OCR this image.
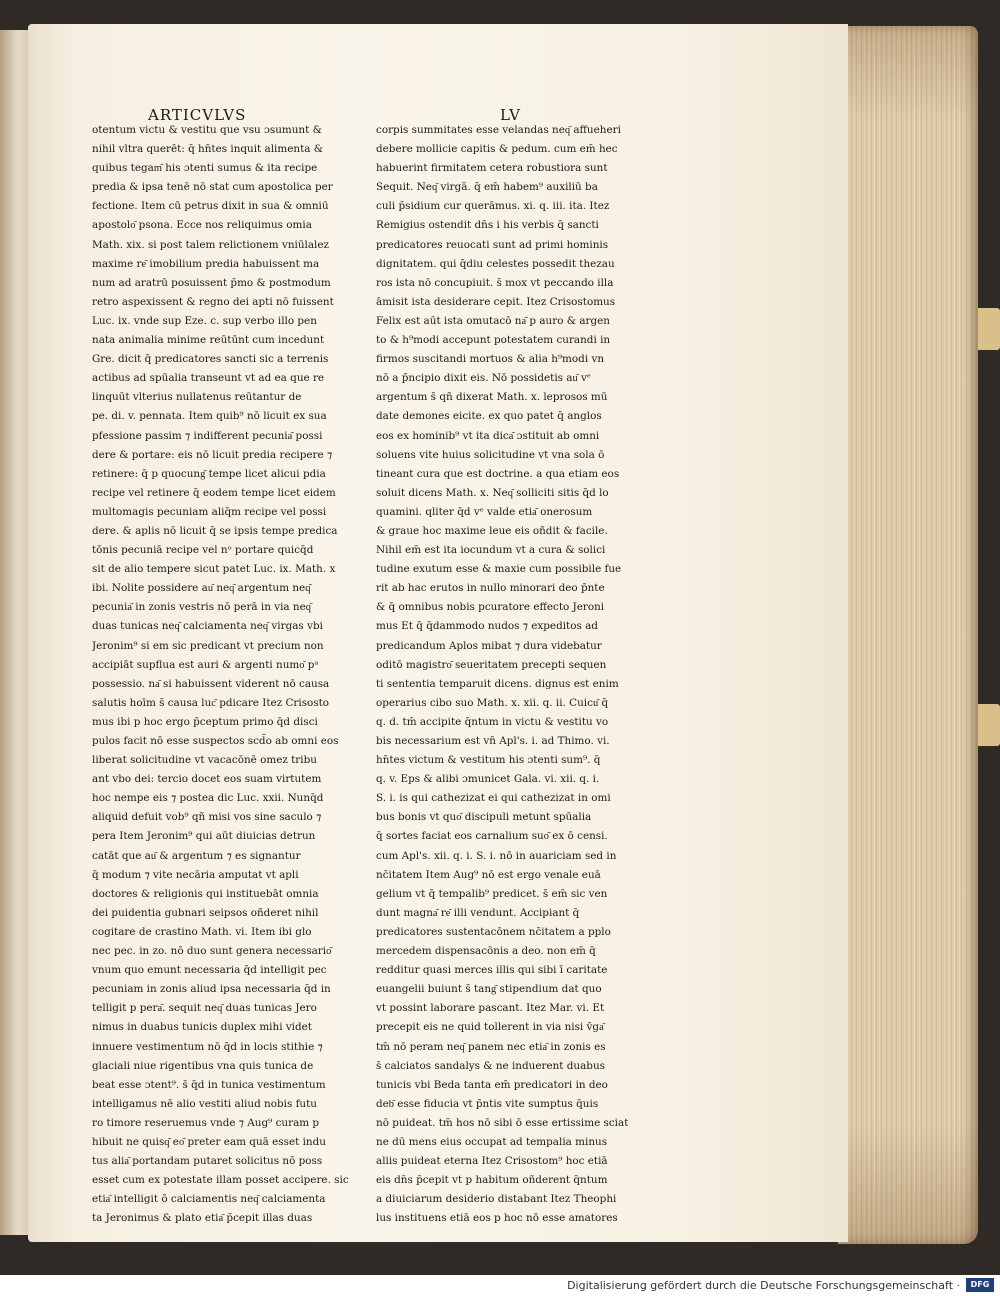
ARTICVLVS	LV
otentum victu & vestitu que vsu ɔsumunt &
nihil vltra querēt: q̄ hn̄tes inquit alimenta &
quibus tegam͂ his ɔtenti sumus & ita recipe
predia & ipsa tenē nō stat cum apostolica per
fectione. Item cū petrus dixit in sua & omniū
apostolo͂ psona. Ecce nos reliquimus omia
Math. xix. si post talem relictionem vniūlalez
maxime re͂ imobilium predia habuissent ma
num ad aratrū posuissent p̄mo & postmodum
retro aspexissent & regno dei apti nō fuissent
Luc. ix. vnde sup Eze. c. sup verbo illo pen
nata animalia minime reūtūnt cum incedunt
Gre. dicit q̄ predicatores sancti sic a terrenis
actibus ad spūalia transeunt vt ad ea que re
linquūt vlterius nullatenus reūtantur de
pe. di. v. pennata. Item quib⁹ nō licuit ex sua
pfessione passim ⁊ indifferent pecunia͂ possi
dere & portare: eis nō licuit predia recipere ⁊
retinere: q̄ p quocung͂ tempe licet alicui pdia
recipe vel retinere q̄ eodem tempe licet eidem
multomagis pecuniam aliq̄m recipe vel possi
dere. & aplis nō licuit q̄ se ipsis tempe predica
tōnis pecuniā recipe vel nᵒ portare quicq̄d
sit de alio tempere sicut patet Luc. ix. Math. x
ibi. Nolite possidere au͂ neq͂ argentum neq͂
pecunia͂ in zonis vestris nō perā in via neq͂
duas tunicas neq͂ calciamenta neq͂ virgas vbi
Jeronim⁹ si em sic predicant vt precium non
accipiāt supflua est auri & argenti numo͂ pᵃ
possessio. na͂ si habuissent viderent nō causa
salutis hoīm s̄ causa luc͂ pdicare Itez Crisosto
mus ibi p hoc ergo p̄ceptum primo q̄d disci
pulos facit nō esse suspectos scd̄o ab omni eos
liberat solicitudine vt vacacōnē omez tribu
ant vbo dei: tercio docet eos suam virtutem
hoc nempe eis ⁊ postea dic Luc. xxii. Nunq̄d
aliquid defuit vob⁹ qñ misi vos sine saculo ⁊
pera Item Jeronim⁹ qui aūt diuicias detrun
catāt que au͂ & argentum ⁊ es signantur
q̄ modum ⁊ vite necāria amputat vt apli
doctores & religionis qui instituebāt omnia
dei puidentia gubnari seipsos oñderet nihil
cogitare de crastino Math. vi. Item ibi glo
nec pec. in zo. nō duo sunt genera necessario͂
vnum quo emunt necessaria q̄d intelligit pec
pecuniam in zonis aliud ipsa necessaria q̄d in
telligit p pera͂. sequit neq͂ duas tunicas Jero
nimus in duabus tunicis duplex mihi videt
innuere vestimentum nō q̄d in locis stithie ⁊
glaciali niue rigentibus vna quis tunica de
beat esse ɔtent⁹. s̄ q̄d in tunica vestimentum
intelligamus nē alio vestiti aliud nobis futu
ro timore reseruemus vnde ⁊ Aug⁹ curam p
hibuit ne quisq͂ eo͂ preter eam quā esset indu
tus alia͂ portandam putaret solicitus nō poss
esset cum ex potestate illam posset accipere. sic
etia͂ intelligit ō calciamentis neq͂ calciamenta
ta Jeronimus & plato etia͂ p̄cepit illas duas
corpis summitates esse velandas neq͂ affueheri
debere mollicie capitis & pedum. cum em̄ hec
habuerint firmitatem cetera robustiora sunt
Sequit. Neq͂ virgā. q̄ em̄ habem⁹ auxiliū ba
culi p̄sidium cur querāmus. xi. q. iii. ita. Itez
Remigius ostendit dn̄s i his verbis q̄ sancti
predicatores reuocati sunt ad primi hominis
dignitatem. qui q̄diu celestes possedit thezau
ros ista nō concupiuit. s̄ mox vt peccando illa
āmisit ista desiderare cepit. Itez Crisostomus
Felix est aūt ista omutacō na͂ p auro & argen
to & h⁹modi accepunt potestatem curandi in
firmos suscitandi mortuos & alia h⁹modi vn
nō a p̄ncipio dixit eis. Nō possidetis au͂ vᵉ
argentum s̄ qñ dixerat Math. x. leprosos mū
date demones eicite. ex quo patet q̄ anglos
eos ex hominib⁹ vt ita dica͂ ɔstituit ab omni
soluens vite huius solicitudine vt vna sola ō
tineant cura que est doctrine. a qua etiam eos
soluit dicens Math. x. Neq͂ solliciti sitis q̄d lo
quamini. qliter q̄d vᵉ valde etia͂ onerosum
& graue hoc maxime leue eis oñdit & facile.
Nihil em̄ est ita iocundum vt a cura & solici
tudine exutum esse & maxie cum possibile fue
rit ab hac erutos in nullo minorari deo p̄nte
& q̄ omnibus nobis pcuratore effecto Jeroni
mus Et q̄ q̄dammodo nudos ⁊ expeditos ad
predicandum Aplos mibat ⁊ dura videbatur
oditō magistro͂ seueritatem precepti sequen
ti sententia temparuit dicens. dignus est enim
operarius cibo suo Math. x. xii. q. ii. Cuicu͂ q̄
q. d. tm̄ accipite q̄ntum in victu & vestitu vo
bis necessarium est vn̄ Apl's. i. ad Thimo. vi.
hn̄tes victum & vestitum his ɔtenti sum⁹. q̄
q. v. Eps & alibi ɔmunicet Gala. vi. xii. q. i.
S. i. is qui cathezizat ei qui cathezizat in omi
bus bonis vt quo͂ discipuli metunt spūalia
q̄ sortes faciat eos carnalium suo͂ ex ō censi.
cum Apl's. xii. q. i. S. i. nō in auariciam sed in
nc̄itatem Item Aug⁹ nō est ergo venale euā
gelium vt q̄ tempalib⁹ predicet. s̄ em̄ sic ven
dunt magna͂ re͂ illi vendunt. Accipiant q̄
predicatores sustentacōnem nc̄itatem a pplo
mercedem dispensacōnis a deo. non em̄ q̄
redditur quasi merces illis qui sibi ī caritate
euangelii buiunt s̄ tang͂ stipendium dat quo
vt possint laborare pascant. Itez Mar. vi. Et
precepit eis ne quid tollerent in via nisi v̄ga͂
tm̄ nō peram neq͂ panem nec etia͂ in zonis es
s̄ calciatos sandalys & ne induerent duabus
tunicis vbi Beda tanta em̄ predicatori in deo
deb͂ esse fiducia vt p̄ntis vite sumptus q̄uis
nō puideat. tm̄ hos nō sibi ō esse ertissime sciat
ne dū mens eius occupat ad tempalia minus
aliis puideat eterna Itez Crisostom⁹ hoc etiā
eis dn̄s p̄cepit vt p habitum oñderent q̄ntum
a diuiciarum desiderio distabant Itez Theophi
lus instituens etiā eos p hoc nō esse amatores
Digitalisierung gefördert durch die Deutsche Forschungsgemeinschaft ·	DFG
